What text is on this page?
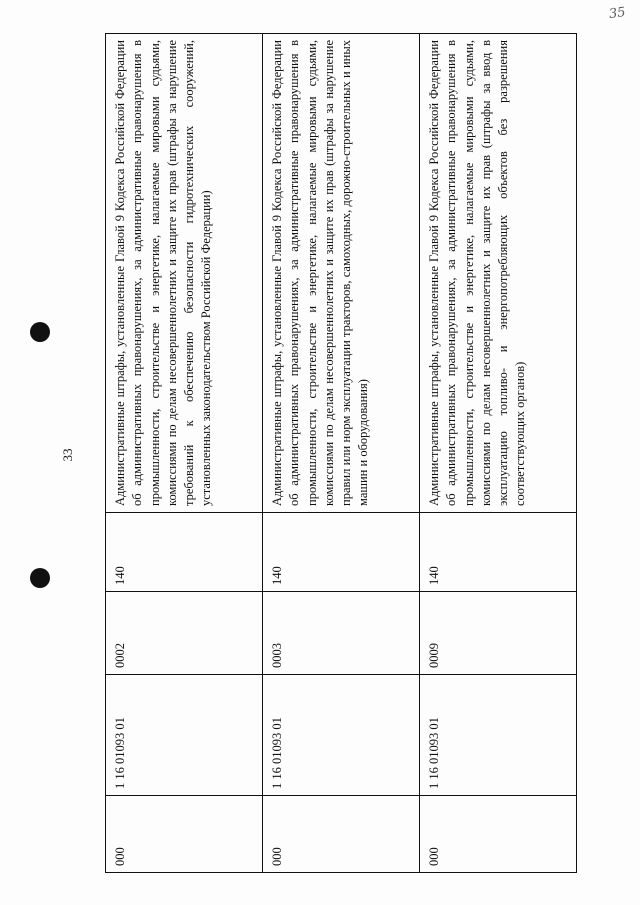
35
33
000	1 16 01093 01	0002	140	Административные штрафы, установленные Главой 9 Кодекса Российской Федерации об административных правонарушениях, за административные правонарушения в промышленности, строительстве и энергетике, налагаемые мировыми судьями, комиссиями по делам несовершеннолетних и защите их прав (штрафы за нарушение требований к обеспечению безопасности гидротехнических сооружений, установленных законодательством Российской Федерации)
000	1 16 01093 01	0003	140	Административные штрафы, установленные Главой 9 Кодекса Российской Федерации об административных правонарушениях, за административные правонарушения в промышленности, строительстве и энергетике, налагаемые мировыми судьями, комиссиями по делам несовершеннолетних и защите их прав (штрафы за нарушение правил или норм эксплуатации тракторов, самоходных, дорожно-строительных и иных машин и оборудования)
000	1 16 01093 01	0009	140	Административные штрафы, установленные Главой 9 Кодекса Российской Федерации об административных правонарушениях, за административные правонарушения в промышленности, строительстве и энергетике, налагаемые мировыми судьями, комиссиями по делам несовершеннолетних и защите их прав (штрафы за ввод в эксплуатацию топливо- и энергопотребляющих объектов без разрешения соответствующих органов)
